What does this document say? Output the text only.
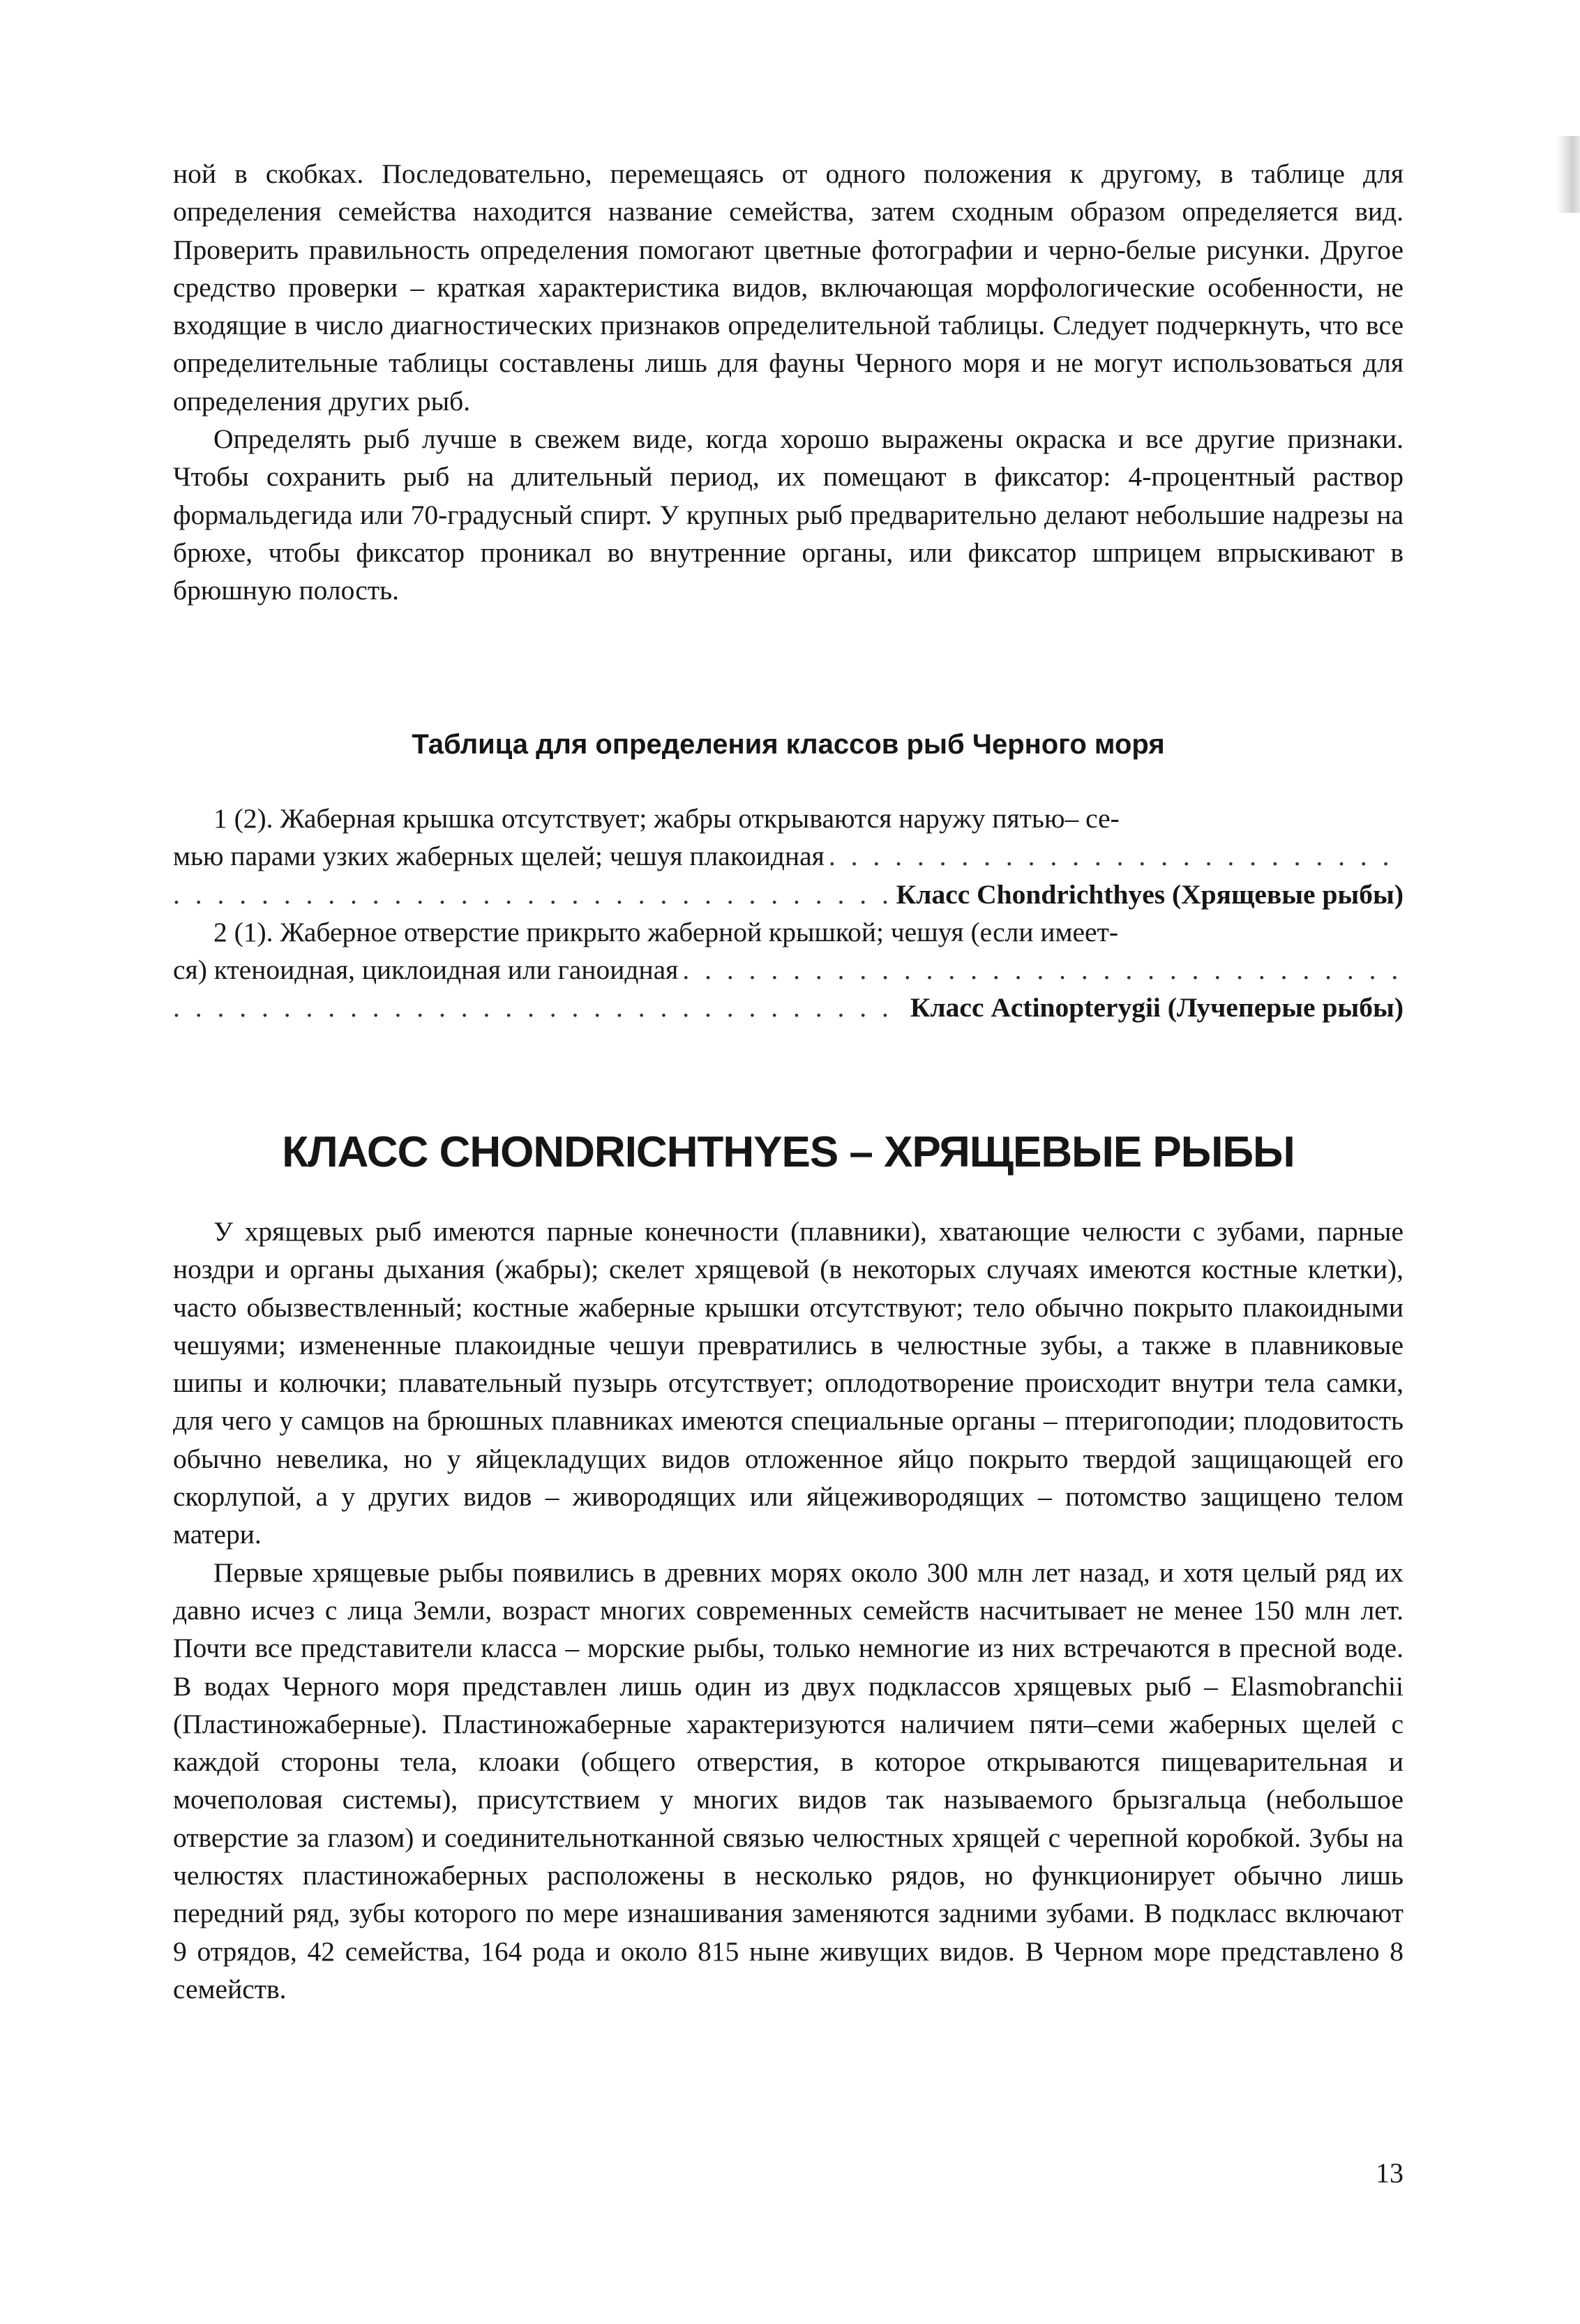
ной в скобках. Последовательно, перемещаясь от одного положения к другому, в таблице для определения семейства находится название семейства, затем сходным образом определяется вид. Проверить правильность определения помогают цветные фотографии и черно-белые рисунки. Другое средство проверки – краткая характеристика видов, включающая морфологические особенности, не входящие в число диагностических признаков определительной таблицы. Следует подчеркнуть, что все определительные таблицы составлены лишь для фауны Черного моря и не могут использоваться для определения других рыб.

Определять рыб лучше в свежем виде, когда хорошо выражены окраска и все другие признаки. Чтобы сохранить рыб на длительный период, их помещают в фиксатор: 4-процентный раствор формальдегида или 70-градусный спирт. У крупных рыб предварительно делают небольшие надрезы на брюхе, чтобы фиксатор проникал во внутренние органы, или фиксатор шприцем впрыскивают в брюшную полость.

Таблица для определения классов рыб Черного моря

1 (2). Жаберная крышка отсутствует; жабры открываются наружу пятью– се-

мью парами узких жаберных щелей; чешуя плакоидная
. . .

. . .
Класс Chondrichthyes (Хрящевые рыбы)

2 (1). Жаберное отверстие прикрыто жаберной крышкой; чешуя (если имеет-

ся) ктеноидная, циклоидная или ганоидная
. . .

. . .
Класс Actinopterygii (Лучеперые рыбы)

КЛАСС CHONDRICHTHYES – ХРЯЩЕВЫЕ РЫБЫ

У хрящевых рыб имеются парные конечности (плавники), хватающие челюсти с зубами, парные ноздри и органы дыхания (жабры); скелет хрящевой (в некоторых случаях имеются костные клетки), часто обызвествленный; костные жаберные крышки отсутствуют; тело обычно покрыто плакоидными чешуями; измененные плакоидные чешуи превратились в челюстные зубы, а также в плавниковые шипы и колючки; плавательный пузырь отсутствует; оплодотворение происходит внутри тела самки, для чего у самцов на брюшных плавниках имеются специальные органы – птеригоподии; плодовитость обычно невелика, но у яйцекладущих видов отложенное яйцо покрыто твердой защищающей его скорлупой, а у других видов – живородящих или яйцеживородящих – потомство защищено телом матери.

Первые хрящевые рыбы появились в древних морях около 300 млн лет назад, и хотя целый ряд их давно исчез с лица Земли, возраст многих современных семейств насчитывает не менее 150 млн лет. Почти все представители класса – морские рыбы, только немногие из них встречаются в пресной воде. В водах Черного моря представлен лишь один из двух подклассов хрящевых рыб – Elasmobranchii (Пластиножаберные). Пластиножаберные характеризуются наличием пяти–семи жаберных щелей с каждой стороны тела, клоаки (общего отверстия, в которое открываются пищеварительная и мочеполовая системы), присутствием у многих видов так называемого брызгальца (небольшое отверстие за глазом) и соединительнотканной связью челюстных хрящей с черепной коробкой. Зубы на челюстях пластиножаберных расположены в несколько рядов, но функционирует обычно лишь передний ряд, зубы которого по мере изнашивания заменяются задними зубами. В подкласс включают 9 отрядов, 42 семейства, 164 рода и около 815 ныне живущих видов. В Черном море представлено 8 семейств.

13
